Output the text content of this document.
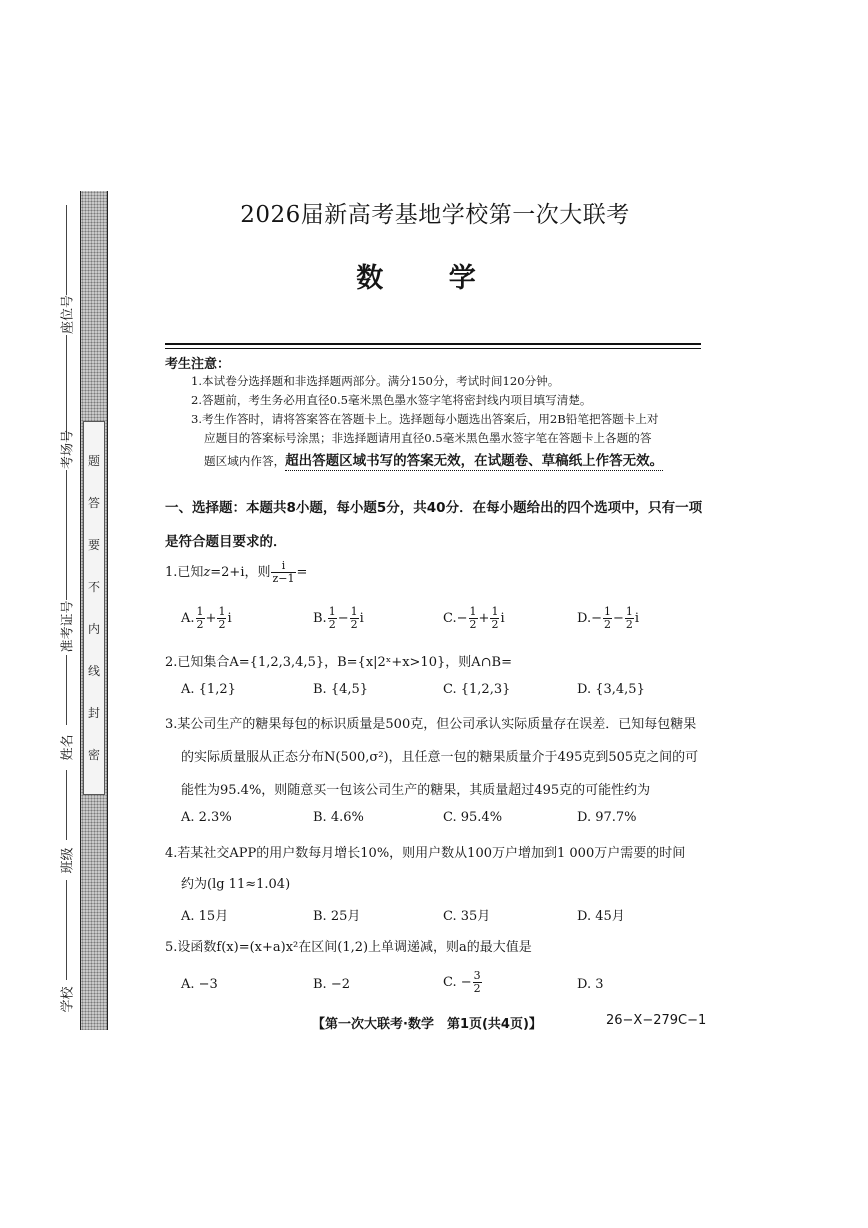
题
答
要
不
内
线
封
密
座位号
考场号
准考证号
姓名
班级
学校
2026届新高考基地学校第一次大联考
数 学
考生注意：
1.本试卷分选择题和非选择题两部分。满分150分，考试时间120分钟。
2.答题前，考生务必用直径0.5毫米黑色墨水签字笔将密封线内项目填写清楚。
3.考生作答时，请将答案答在答题卡上。选择题每小题选出答案后，用2B铅笔把答题卡上对
应题目的答案标号涂黑；非选择题请用直径0.5毫米黑色墨水签字笔在答题卡上各题的答
题区域内作答，超出答题区域书写的答案无效，在试题卷、草稿纸上作答无效。
一、选择题：本题共8小题，每小题5分，共40分．在每小题给出的四个选项中，只有一项是符合题目要求的．
1.已知z=2+i，则 $\frac{i}{z-1}$ =
A. $\frac{1}{2} + \frac{1}{2}$ i	B. $\frac{1}{2} - \frac{1}{2}$ i	$C.- \frac{1}{2} + \frac{1}{2}$ i	$D.- \frac{1}{2} - \frac{1}{2}$ i
2.已知集合A={1,2,3,4,5}，B={x|2ˣ+x>10}，则A∩B=
A. {1,2}	B. {4,5}	C. {1,2,3}	D. {3,4,5}
3.某公司生产的糖果每包的标识质量是500克，但公司承认实际质量存在误差．已知每包糖果
的实际质量服从正态分布N(500,σ²)，且任意一包的糖果质量介于495克到505克之间的可
能性为95.4%，则随意买一包该公司生产的糖果，其质量超过495克的可能性约为
A. 2.3%	B. 4.6%	C. 95.4%	D. 97.7%
4.若某社交APP的用户数每月增长10%，则用户数从100万户增加到1 000万户需要的时间
约为(lg 11≈1.04)
A. 15月	B. 25月	C. 35月	D. 45月
5.设函数f(x)=(x+a)x²在区间(1,2)上单调递减，则a的最大值是
A. −3	B. −2	C. − $\frac{3}{2}$	D. 3
【第一次大联考·数学　第1页(共4页)】	26−X−279C−1
